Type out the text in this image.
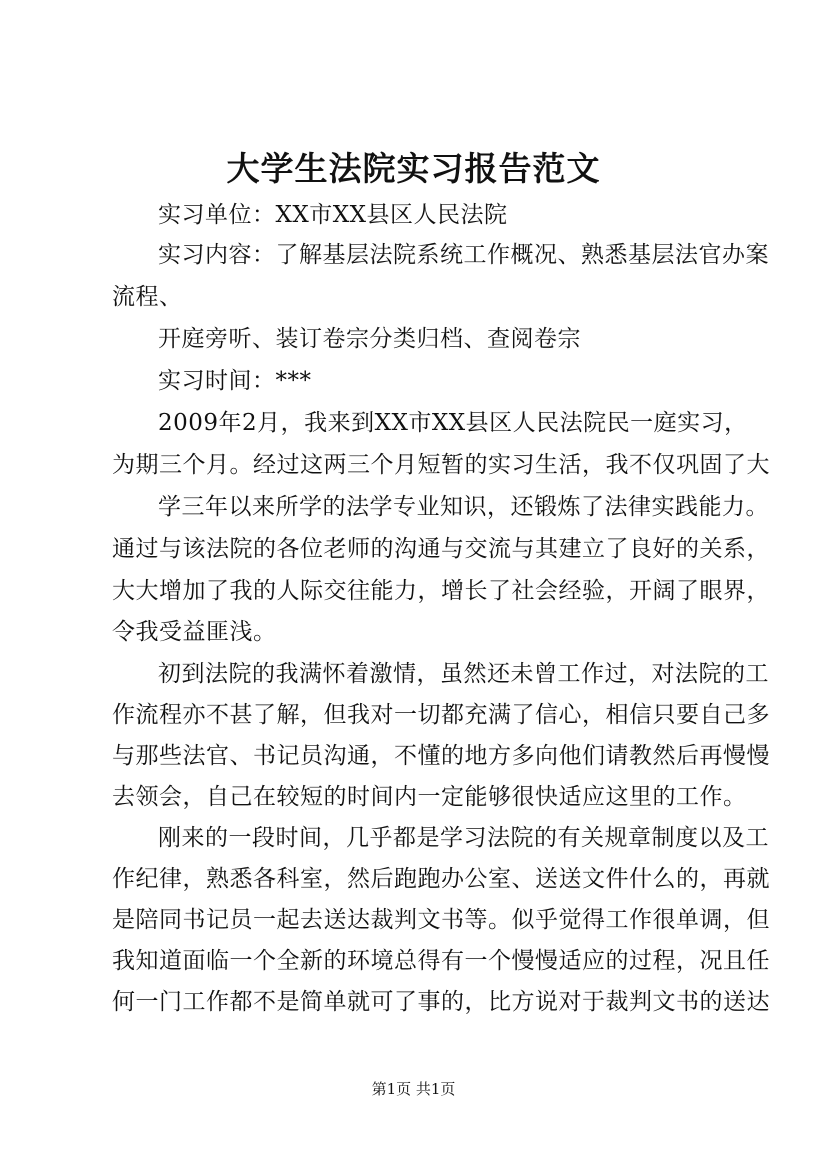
大学生法院实习报告范文
实习单位：XX市XX县区人民法院
实习内容：了解基层法院系统工作概况、熟悉基层法官办案
流程、
开庭旁听、装订卷宗分类归档、查阅卷宗
实习时间：***
2009年2月，我来到XX市XX县区人民法院民一庭实习，
为期三个月。经过这两三个月短暂的实习生活，我不仅巩固了大
学三年以来所学的法学专业知识，还锻炼了法律实践能力。
通过与该法院的各位老师的沟通与交流与其建立了良好的关系，
大大增加了我的人际交往能力，增长了社会经验，开阔了眼界，
令我受益匪浅。
初到法院的我满怀着激情，虽然还未曾工作过，对法院的工
作流程亦不甚了解，但我对一切都充满了信心，相信只要自己多
与那些法官、书记员沟通，不懂的地方多向他们请教然后再慢慢
去领会，自己在较短的时间内一定能够很快适应这里的工作。
刚来的一段时间，几乎都是学习法院的有关规章制度以及工
作纪律，熟悉各科室，然后跑跑办公室、送送文件什么的，再就
是陪同书记员一起去送达裁判文书等。似乎觉得工作很单调，但
我知道面临一个全新的环境总得有一个慢慢适应的过程，况且任
何一门工作都不是简单就可了事的，比方说对于裁判文书的送达
第1页 共1页
